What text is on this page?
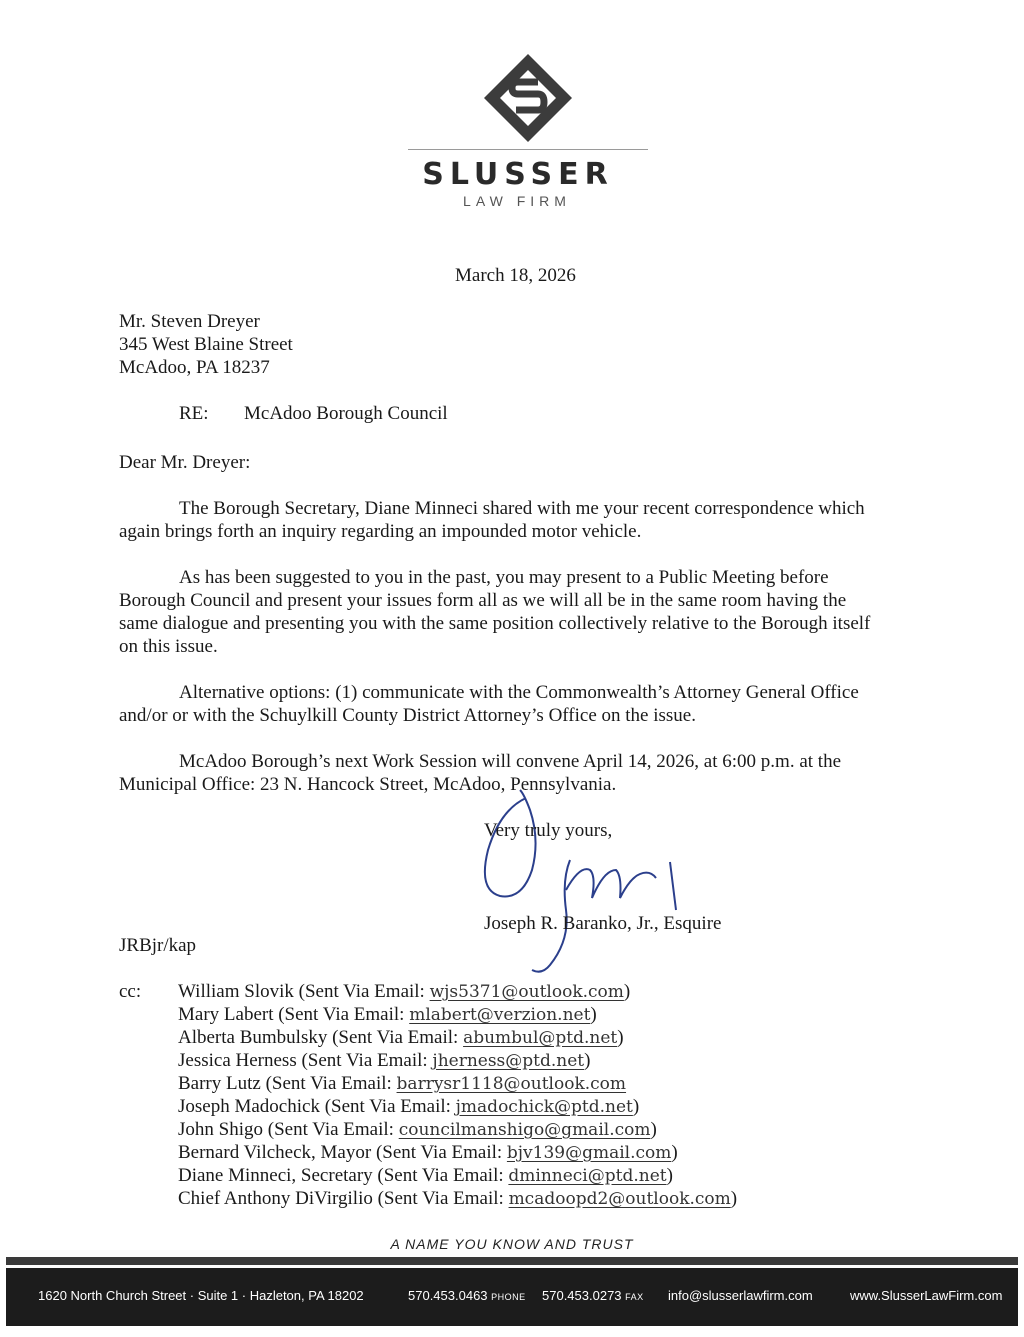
SLUSSER
LAW FIRM
March 18, 2026
Mr. Steven Dreyer
345 West Blaine Street
McAdoo, PA 18237
RE: McAdoo Borough Council
Dear Mr. Dreyer:
The Borough Secretary, Diane Minneci shared with me your recent correspondence which again brings forth an inquiry regarding an impounded motor vehicle.
As has been suggested to you in the past, you may present to a Public Meeting before Borough Council and present your issues form all as we will all be in the same room having the same dialogue and presenting you with the same position collectively relative to the Borough itself on this issue.
Alternative options: (1) communicate with the Commonwealth’s Attorney General Office and/or or with the Schuylkill County District Attorney’s Office on the issue.
McAdoo Borough’s next Work Session will convene April 14, 2026, at 6:00 p.m. at the Municipal Office: 23 N. Hancock Street, McAdoo, Pennsylvania.
Very truly yours,
Joseph R. Baranko, Jr., Esquire
JRBjr/kap
cc: William Slovik (Sent Via Email: wjs5371@outlook.com)
Mary Labert (Sent Via Email: mlabert@verzion.net)
Alberta Bumbulsky (Sent Via Email: abumbul@ptd.net)
Jessica Herness (Sent Via Email: jherness@ptd.net)
Barry Lutz (Sent Via Email: barrysr1118@outlook.com
Joseph Madochick (Sent Via Email: jmadochick@ptd.net)
John Shigo (Sent Via Email: councilmanshigo@gmail.com)
Bernard Vilcheck, Mayor (Sent Via Email: bjv139@gmail.com)
Diane Minneci, Secretary (Sent Via Email: dminneci@ptd.net)
Chief Anthony DiVirgilio (Sent Via Email: mcadoopd2@outlook.com)
A NAME YOU KNOW AND TRUST
1620 North Church Street · Suite 1 · Hazleton, PA 18202	570.453.0463 PHONE 570.453.0273 FAX info@slusserlawfirm.com	www.SlusserLawFirm.com
